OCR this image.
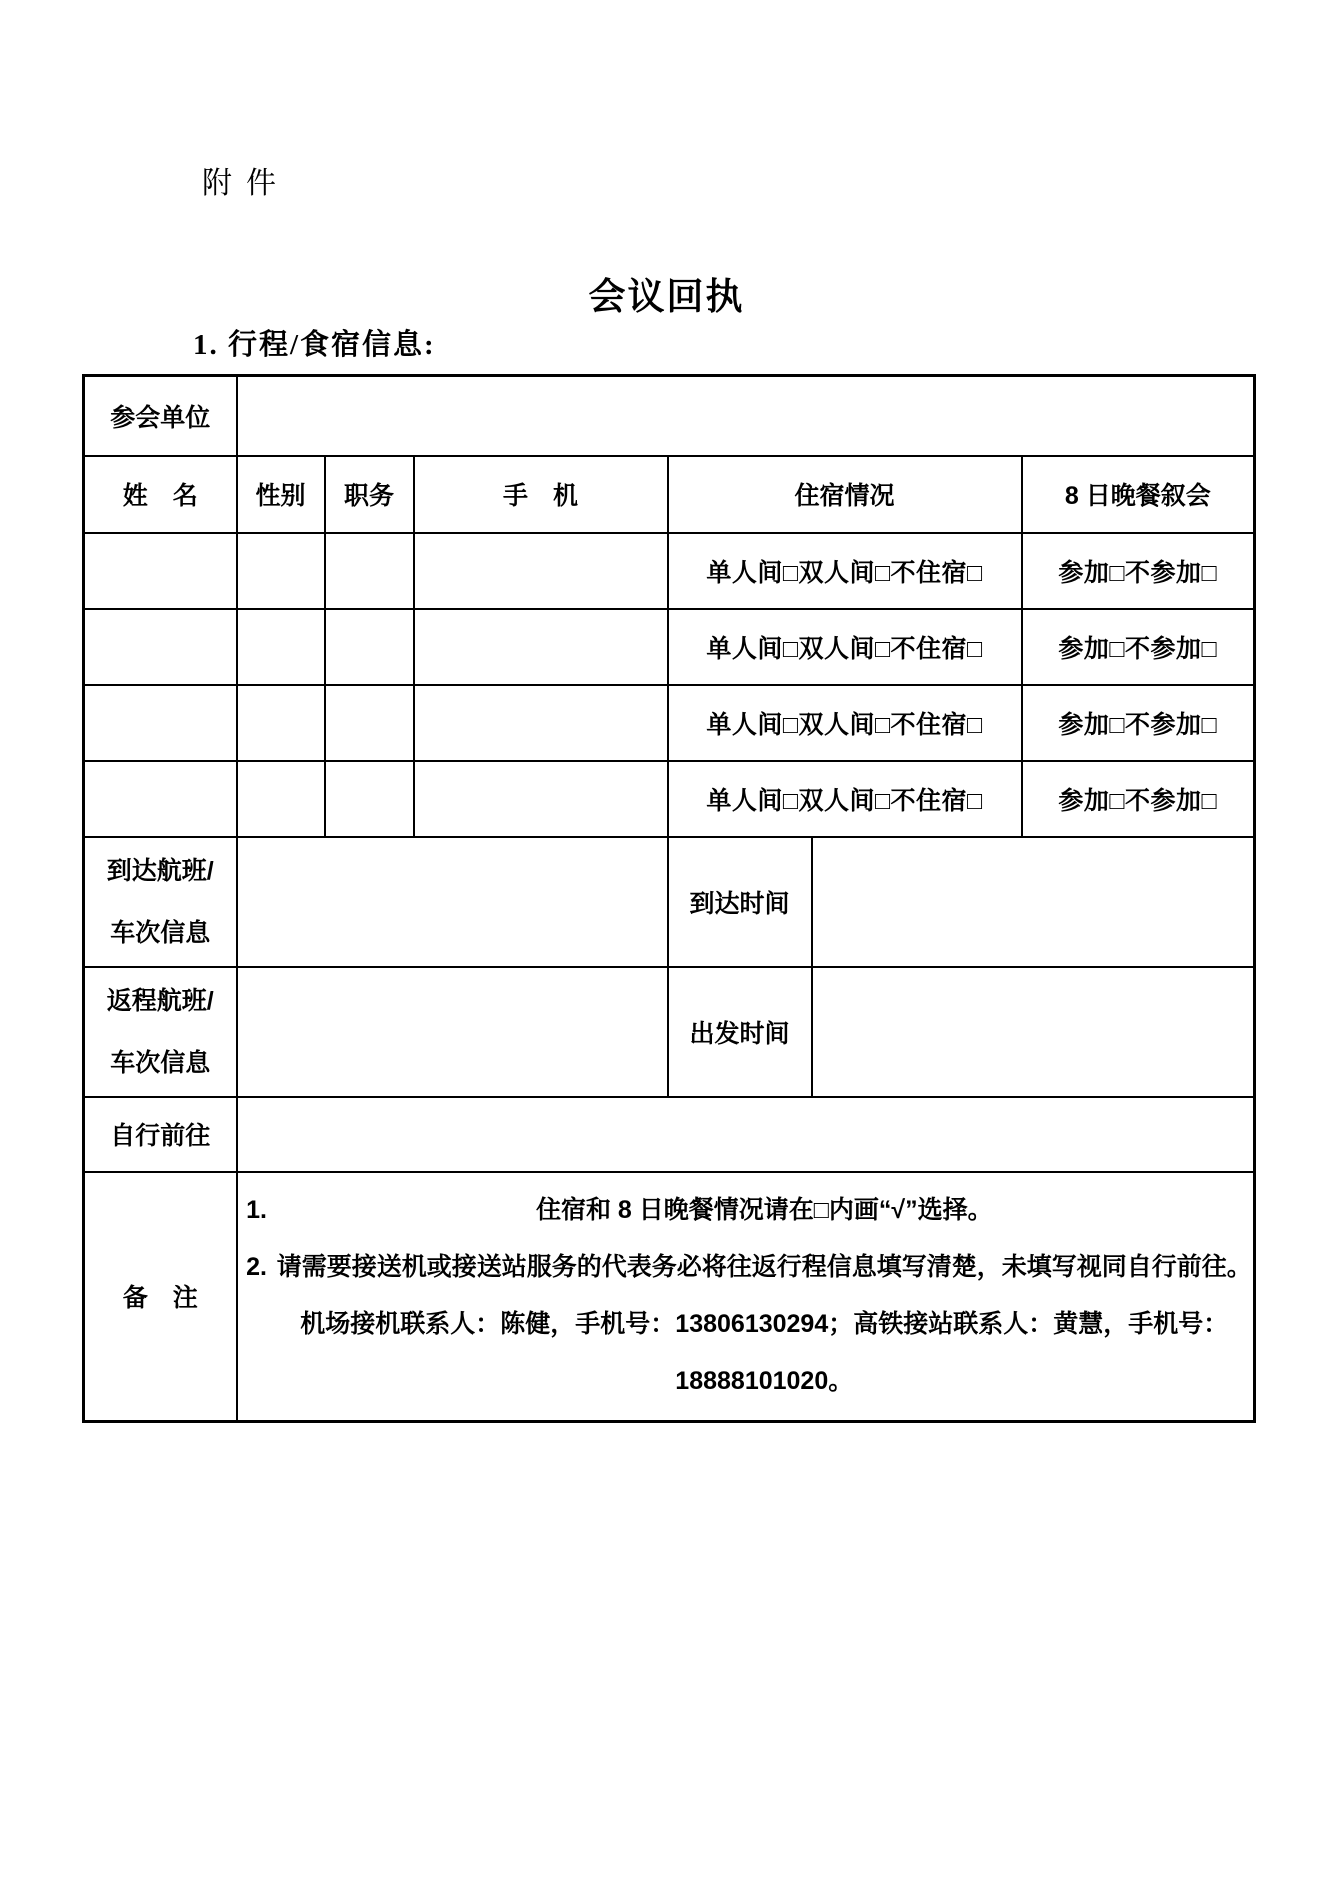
附件
会议回执
1. 行程/食宿信息:
参会单位						
姓　名	性别	职务	手　机	住宿情况		8 日晚餐叙会
				单人间□双人间□不住宿□		参加□不参加□
				单人间□双人间□不住宿□		参加□不参加□
				单人间□双人间□不住宿□		参加□不参加□
				单人间□双人间□不住宿□		参加□不参加□

到达航班/
车次信息				到达时间		

返程航班/
车次信息				出发时间		
自行前往						
备　注	1. 住宿和 8 日晚餐情况请在□内画“√”选择。
2. 请需要接送机或接送站服务的代表务必将往返行程信息填写清楚，未填写视同自行前往。机场接机联系人：陈健，手机号：13806130294；高铁接站联系人：黄慧，手机号：18888101020。					
